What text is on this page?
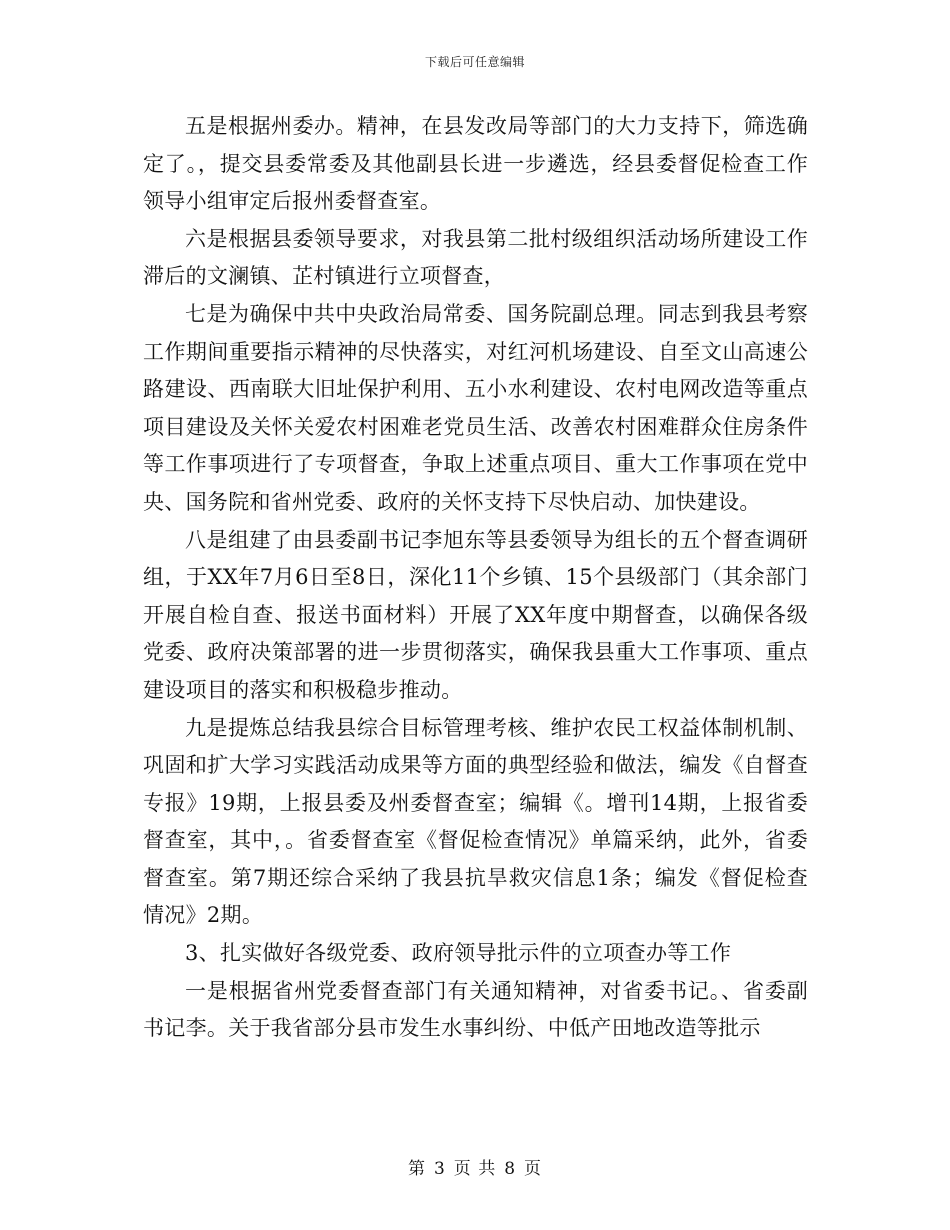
下载后可任意编辑

五是根据州委办。精神，在县发改局等部门的大力支持下，筛选确定了。，提交县委常委及其他副县长进一步遴选，经县委督促检查工作领导小组审定后报州委督查室。

六是根据县委领导要求，对我县第二批村级组织活动场所建设工作滞后的文澜镇、芷村镇进行立项督查，

七是为确保中共中央政治局常委、国务院副总理。同志到我县考察工作期间重要指示精神的尽快落实，对红河机场建设、自至文山高速公路建设、西南联大旧址保护利用、五小水利建设、农村电网改造等重点项目建设及关怀关爱农村困难老党员生活、改善农村困难群众住房条件等工作事项进行了专项督查，争取上述重点项目、重大工作事项在党中央、国务院和省州党委、政府的关怀支持下尽快启动、加快建设。

八是组建了由县委副书记李旭东等县委领导为组长的五个督查调研组，于XX年7月6日至8日，深化11个乡镇、15个县级部门（其余部门开展自检自查、报送书面材料）开展了XX年度中期督查，以确保各级党委、政府决策部署的进一步贯彻落实，确保我县重大工作事项、重点建设项目的落实和积极稳步推动。

九是提炼总结我县综合目标管理考核、维护农民工权益体制机制、巩固和扩大学习实践活动成果等方面的典型经验和做法，编发《自督查专报》19期，上报县委及州委督查室；编辑《。增刊14期，上报省委督查室，其中，。省委督查室《督促检查情况》单篇采纳，此外，省委督查室。第7期还综合采纳了我县抗旱救灾信息1条；编发《督促检查情况》2期。

3、扎实做好各级党委、政府领导批示件的立项查办等工作

一是根据省州党委督查部门有关通知精神，对省委书记。、省委副书记李。关于我省部分县市发生水事纠纷、中低产田地改造等批示

第 3 页 共 8 页
